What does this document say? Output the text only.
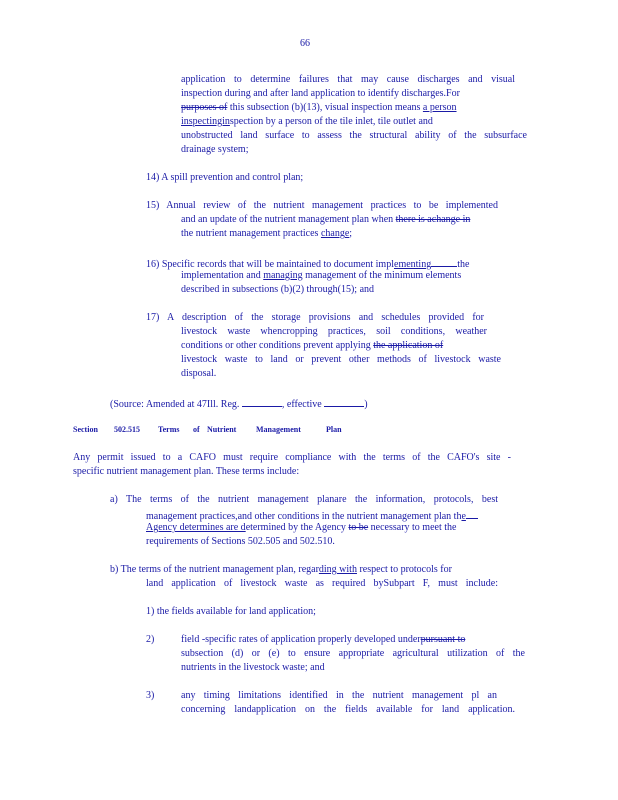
66
application to determine failures that may cause discharges and visual
inspection during and after land application to identify discharges.For
purposes of this subsection (b)(13), visual inspection means a person
inspectinginspection by a person of the tile inlet, tile outlet and
unobstructed land surface to assess the structural ability of the subsurface
drainage system;
14) A spill prevention and control plan;
15) Annual review of the nutrient management practices to be implemented
and an update of the nutrient management plan when there is achange in
the nutrient management practices change;
16) Specific records that will be maintained to document implementing	the
implementation and managing management of the minimum elements
described in subsections (b)(2) through(15); and
17) A description of the storage provisions and schedules provided for
livestock waste whencropping practices, soil conditions, weather
conditions or other conditions prevent applying the application of
livestock waste to land or prevent other methods of livestock waste
disposal.
(Source: Amended at 47Ill. Reg.	, effective	)
Section 502.515 Terms of Nutrient Management	Plan
Any permit issued to a CAFO must require compliance with the terms of the CAFO's site -
specific nutrient management plan. These terms include:
a) The terms of the nutrient management planare the information, protocols, best
management practices,and other conditions in the nutrient management plan the
Agency determines are determined by the Agency to be necessary to meet the
requirements of Sections 502.505 and 502.510.
b) The terms of the nutrient management plan, regarding with respect to protocols for
land application of livestock waste as required bySubpart F, must include:
1) the fields available for land application;
2)	field -specific rates of application properly developed underpursuant to
subsection (d) or (e) to ensure appropriate agricultural utilization of the
nutrients in the livestock waste; and
3)	any timing limitations identified in the nutrient management pl an
concerning landapplication on the fields available for land application.
